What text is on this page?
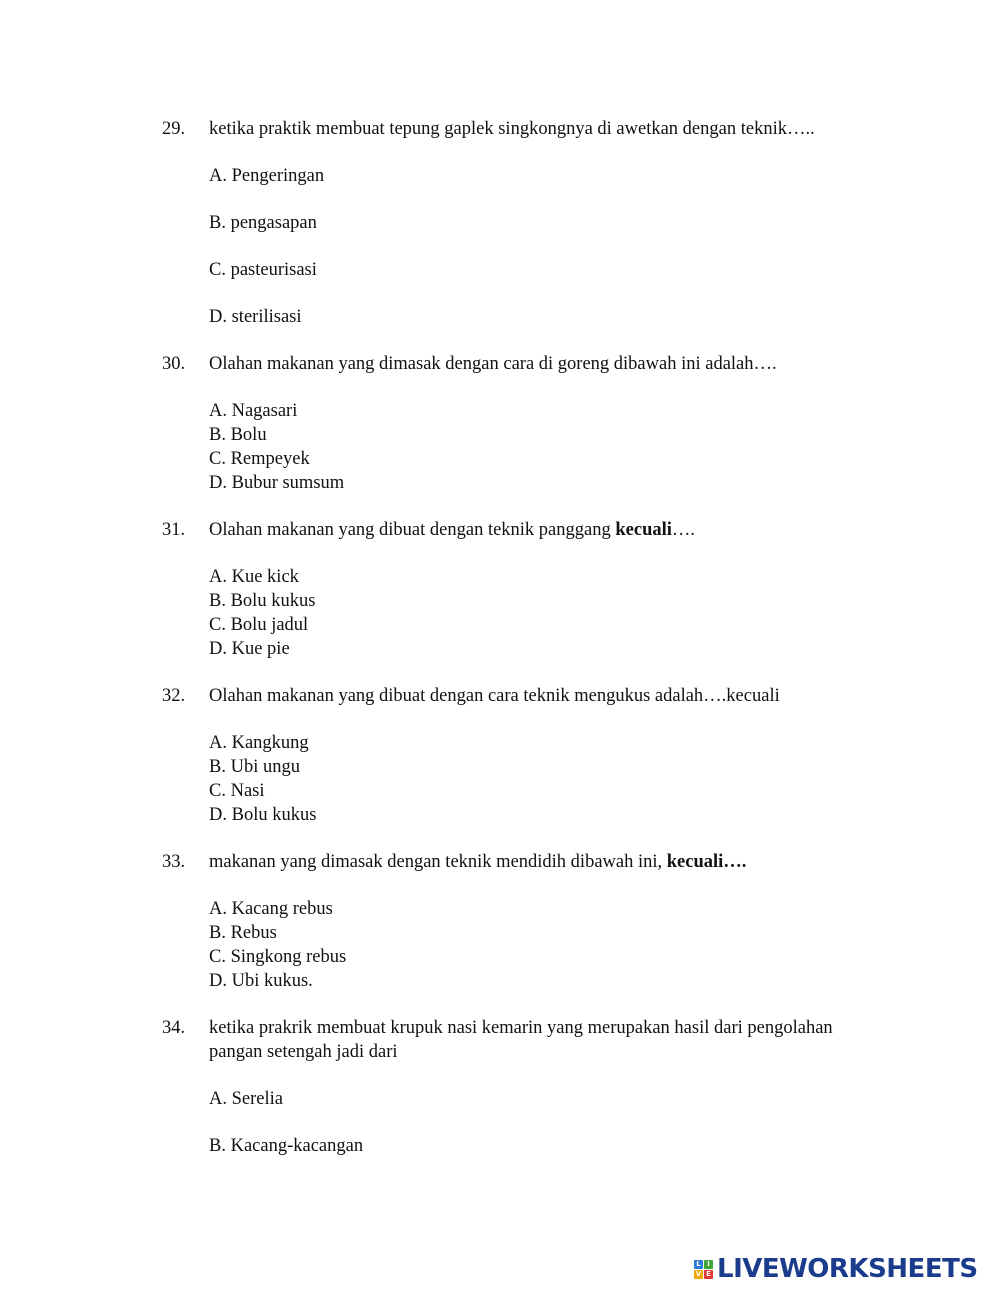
29. ketika praktik membuat tepung gaplek singkongnya di awetkan dengan teknik…..
A. Pengeringan
B. pengasapan
C. pasteurisasi
D. sterilisasi
30. Olahan makanan yang dimasak dengan cara di goreng dibawah ini adalah….
A. Nagasari
B. Bolu
C. Rempeyek
D. Bubur sumsum
31. Olahan makanan yang dibuat dengan teknik panggang kecuali….
A. Kue kick
B. Bolu kukus
C. Bolu jadul
D. Kue pie
32. Olahan makanan yang dibuat dengan cara teknik mengukus adalah….kecuali
A. Kangkung
B. Ubi ungu
C. Nasi
D. Bolu kukus
33. makanan yang dimasak dengan teknik mendidih dibawah ini, kecuali….
A. Kacang rebus
B. Rebus
C. Singkong rebus
D. Ubi kukus.
34. ketika prakrik membuat krupuk nasi kemarin yang merupakan hasil dari pengolahan pangan setengah jadi dari
A. Serelia
B. Kacang-kacangan
L I
V E LIVEWORKSHEETS
